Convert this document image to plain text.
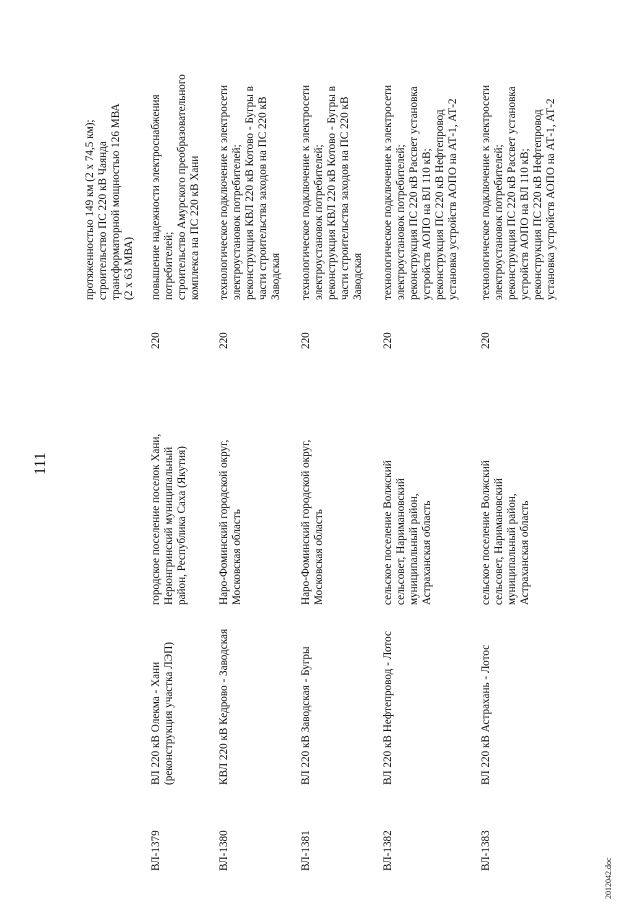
111
протяженностью 149 км (2 х 74,5 км); строительство ПС 220 кВ Чаяндa трансформаторной мощностью 126 МВА (2 х 63 МВА)
ВЛ-1379
ВЛ 220 кВ Олекма - Хани (реконструкция участка ЛЭП)
городское поселение поселок Хани, Нерюнгринский муниципальный район, Республика Саха (Якутия)
220
повышение надежности электроснабжения потребителей; строительство Амурского преобразовательного комплекса на ПС 220 кВ Хани
ВЛ-1380
КВЛ 220 кВ Кедрово - Заводская
Наро-Фоминский городской округ, Московская область
220
технологическое подключение к электросети электроустановок потребителей; реконструкция КВЛ 220 кВ Котово - Бугры в части строительства заходов на ПС 220 кВ Заводская
ВЛ-1381
ВЛ 220 кВ Заводская - Бугры
Наро-Фоминский городской округ, Московская область
220
технологическое подключение к электросети электроустановок потребителей; реконструкция КВЛ 220 кВ Котово - Бугры в части строительства заходов на ПС 220 кВ Заводская
ВЛ-1382
ВЛ 220 кВ Нефтепровод - Лотос
сельское поселение Волжский сельсовет, Наримановский муниципальный район, Астраханская область
220
технологическое подключение к электросети электроустановок потребителей; реконструкция ПС 220 кВ Рассвет установка устройств АОПО на ВЛ 110 кВ; реконструкция ПС 220 кВ Нефтепровод установка устройств АОПО на АТ-1, АТ-2
ВЛ-1383
ВЛ 220 кВ Астрахань - Лотос
сельское поселение Волжский сельсовет, Наримановский муниципальный район, Астраханская область
220
технологическое подключение к электросети электроустановок потребителей; реконструкция ПС 220 кВ Рассвет установка устройств АОПО на ВЛ 110 кВ; реконструкция ПС 220 кВ Нефтепровод установка устройств АОПО на АТ-1, АТ-2
2012042.doc
